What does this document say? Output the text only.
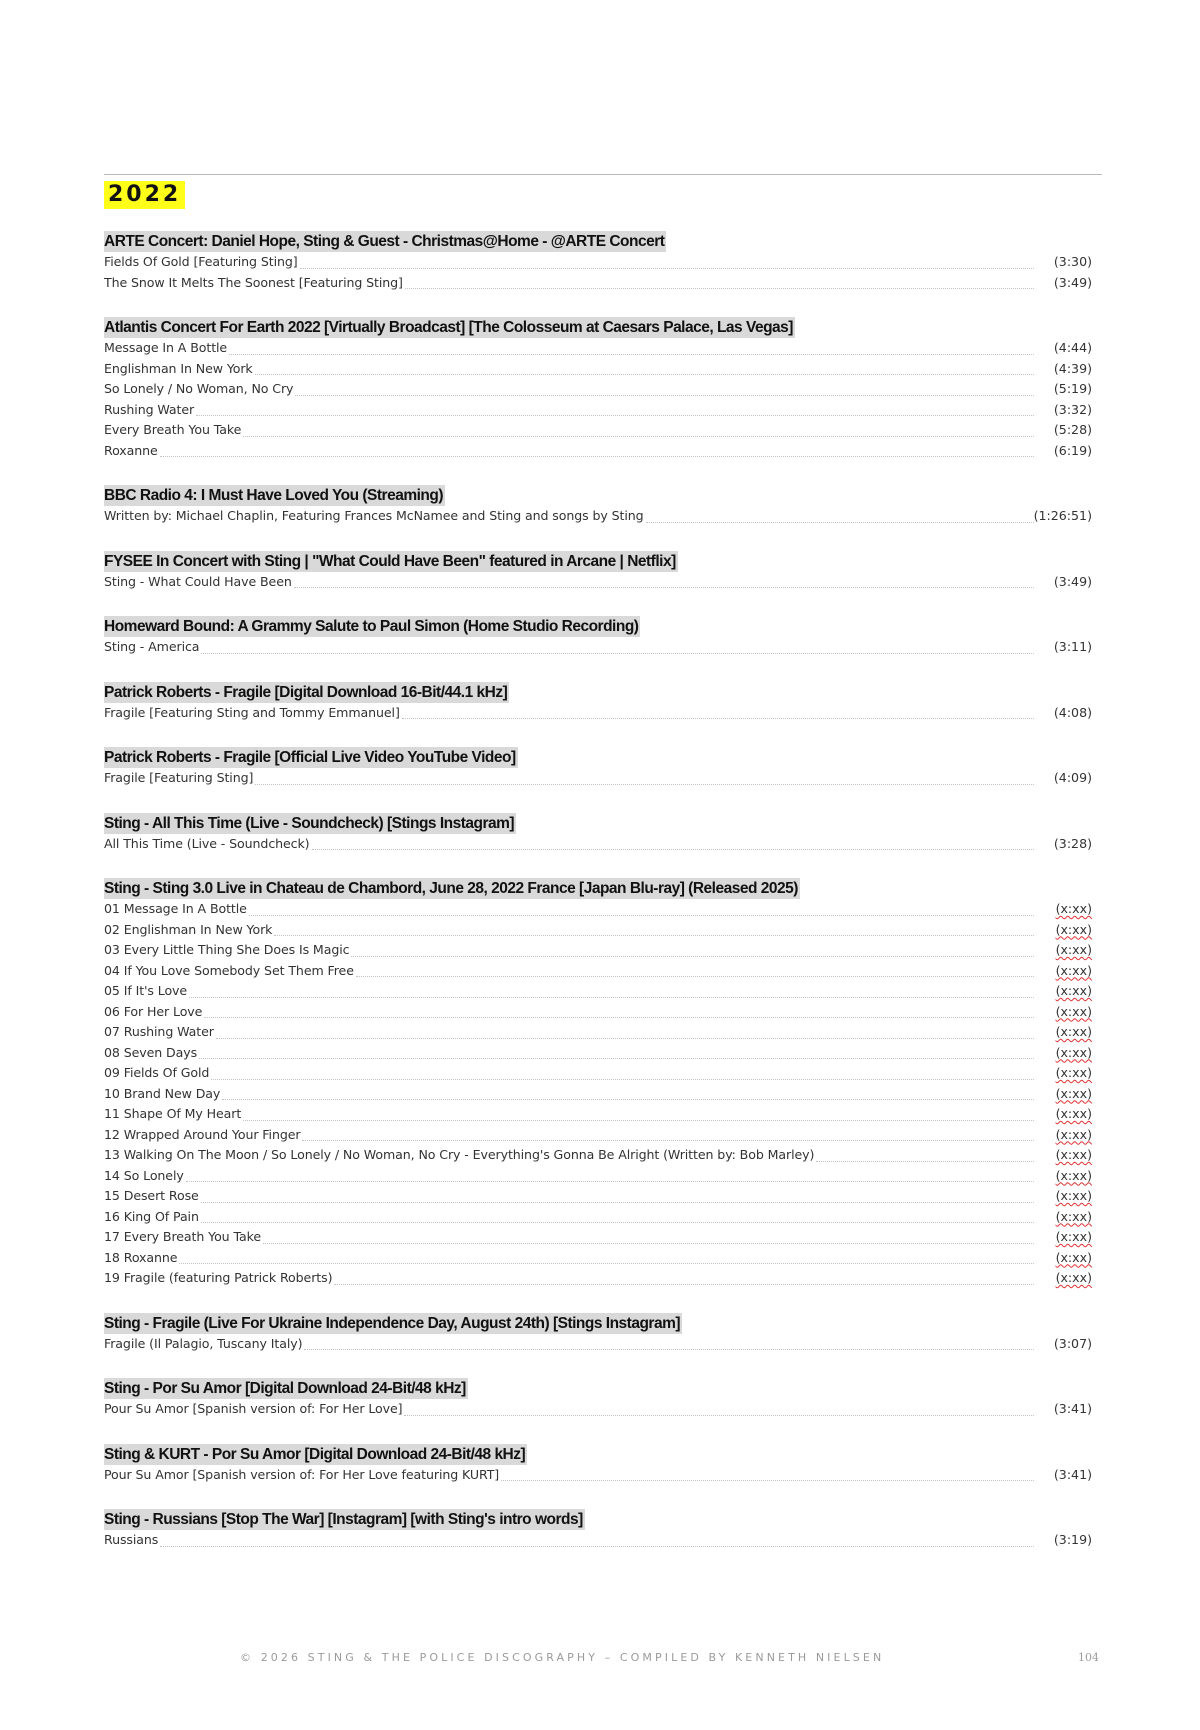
2022
ARTE Concert: Daniel Hope, Sting & Guest - Christmas@Home - @ARTE Concert
Fields Of Gold [Featuring Sting]	(3:30)
The Snow It Melts The Soonest [Featuring Sting]	(3:49)
Atlantis Concert For Earth 2022 [Virtually Broadcast] [The Colosseum at Caesars Palace, Las Vegas]
Message In A Bottle	(4:44)
Englishman In New York	(4:39)
So Lonely / No Woman, No Cry	(5:19)
Rushing Water	(3:32)
Every Breath You Take	(5:28)
Roxanne	(6:19)
BBC Radio 4: I Must Have Loved You (Streaming)
Written by: Michael Chaplin, Featuring Frances McNamee and Sting and songs by Sting	(1:26:51)
FYSEE In Concert with Sting | "What Could Have Been" featured in Arcane | Netflix]
Sting - What Could Have Been	(3:49)
Homeward Bound: A Grammy Salute to Paul Simon (Home Studio Recording)
Sting - America	(3:11)
Patrick Roberts - Fragile [Digital Download 16-Bit/44.1 kHz]
Fragile [Featuring Sting and Tommy Emmanuel]	(4:08)
Patrick Roberts - Fragile [Official Live Video YouTube Video]
Fragile [Featuring Sting]	(4:09)
Sting - All This Time (Live - Soundcheck) [Stings Instagram]
All This Time (Live - Soundcheck)	(3:28)
Sting - Sting 3.0 Live in Chateau de Chambord, June 28, 2022 France [Japan Blu-ray] (Released 2025)
01 Message In A Bottle	(x:xx)
02 Englishman In New York	(x:xx)
03 Every Little Thing She Does Is Magic	(x:xx)
04 If You Love Somebody Set Them Free	(x:xx)
05 If It's Love	(x:xx)
06 For Her Love	(x:xx)
07 Rushing Water	(x:xx)
08 Seven Days	(x:xx)
09 Fields Of Gold	(x:xx)
10 Brand New Day	(x:xx)
11 Shape Of My Heart	(x:xx)
12 Wrapped Around Your Finger	(x:xx)
13 Walking On The Moon / So Lonely / No Woman, No Cry - Everything's Gonna Be Alright (Written by: Bob Marley)	(x:xx)
14 So Lonely	(x:xx)
15 Desert Rose	(x:xx)
16 King Of Pain	(x:xx)
17 Every Breath You Take	(x:xx)
18 Roxanne	(x:xx)
19 Fragile (featuring Patrick Roberts)	(x:xx)
Sting - Fragile (Live For Ukraine Independence Day, August 24th) [Stings Instagram]
Fragile (Il Palagio, Tuscany Italy)	(3:07)
Sting - Por Su Amor [Digital Download 24-Bit/48 kHz]
Pour Su Amor [Spanish version of: For Her Love]	(3:41)
Sting & KURT - Por Su Amor [Digital Download 24-Bit/48 kHz]
Pour Su Amor [Spanish version of: For Her Love featuring KURT]	(3:41)
Sting - Russians [Stop The War] [Instagram] [with Sting's intro words]
Russians	(3:19)
© 2026 STING & THE POLICE DISCOGRAPHY – COMPILED BY KENNETH NIELSEN	104
